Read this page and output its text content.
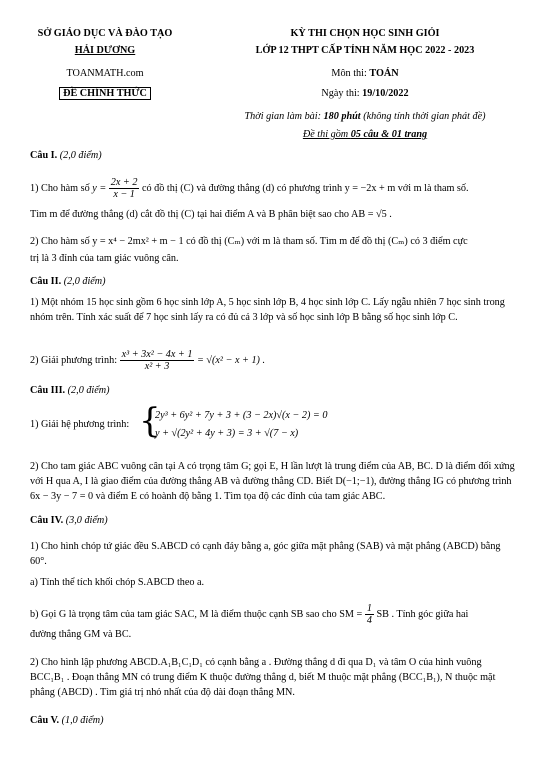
SỞ GIÁO DỤC VÀ ĐÀO TẠO
HẢI DƯƠNG
TOANMATH.com
ĐỀ CHÍNH THỨC
KỲ THI CHỌN HỌC SINH GIỎI
LỚP 12 THPT CẤP TỈNH NĂM HỌC 2022 - 2023
Môn thi: TOÁN
Ngày thi: 19/10/2022
Thời gian làm bài: 180 phút (không tính thời gian phát đề)
Đề thi gồm 05 câu & 01 trang
Câu I. (2,0 điểm)
1) Cho hàm số $y = \frac{2x + 2}{x - 1}$ có đồ thị (C) và đường thẳng (d) có phương trình y = −2x + m với m là tham số.
Tìm m để đường thẳng (d) cắt đồ thị (C) tại hai điểm A và B phân biệt sao cho AB = √5 .
2) Cho hàm số y = x⁴ − 2mx² + m − 1 có đồ thị (Cₘ) với m là tham số. Tìm m để đồ thị (Cₘ) có 3 điểm cực
trị là 3 đỉnh của tam giác vuông cân.
Câu II. (2,0 điểm)
1) Một nhóm 15 học sinh gồm 6 học sinh lớp A, 5 học sinh lớp B, 4 học sinh lớp C. Lấy ngẫu nhiên 7 học sinh trong nhóm trên. Tính xác suất để 7 học sinh lấy ra có đủ cả 3 lớp và số học sinh lớp B bằng số học sinh lớp C.
2) Giải phương trình: $\frac{\text{x³ + 3x² − 4x + 1}}{\text{x² + 3}} = √(x^2 - x + 1)$ .
Câu III. (2,0 điểm)
1) Giải hệ phương trình: {
2y³ + 6y² + 7y + 3 + (3 − 2x)√(x − 2) = 0
y + √(2y² + 4y + 3) = 3 + √(7 − x)
2) Cho tam giác ABC vuông cân tại A có trọng tâm G; gọi E, H lần lượt là trung điểm của AB, BC. D là điểm đối xứng với H qua A, I là giao điểm của đường thẳng AB và đường thẳng CD. Biết D(−1;−1), đường thẳng IG có phương trình 6x − 3y − 7 = 0 và điểm E có hoành độ bằng 1. Tìm tọa độ các đỉnh của tam giác ABC.
Câu IV. (3,0 điểm)
1) Cho hình chóp tứ giác đều S.ABCD có cạnh đáy bằng a, góc giữa mặt phẳng (SAB) và mặt phẳng (ABCD) bằng 60°.
a) Tính thể tích khối chóp S.ABCD theo a.
b) Gọi G là trọng tâm của tam giác SAC, M là điểm thuộc cạnh SB sao cho SM = $\frac{1}{4}$ SB . Tính góc giữa hai
đường thẳng GM và BC.
2) Cho hình lập phương ABCD.A₁B₁C₁D₁ có cạnh bằng a . Đường thẳng d đi qua D₁ và tâm O của hình vuông BCC₁B₁ . Đoạn thẳng MN có trung điểm K thuộc đường thẳng d, biết M thuộc mặt phẳng (BCC₁B₁), N thuộc mặt phẳng (ABCD) . Tìm giá trị nhỏ nhất của độ dài đoạn thẳng MN.
Câu V. (1,0 điểm)
